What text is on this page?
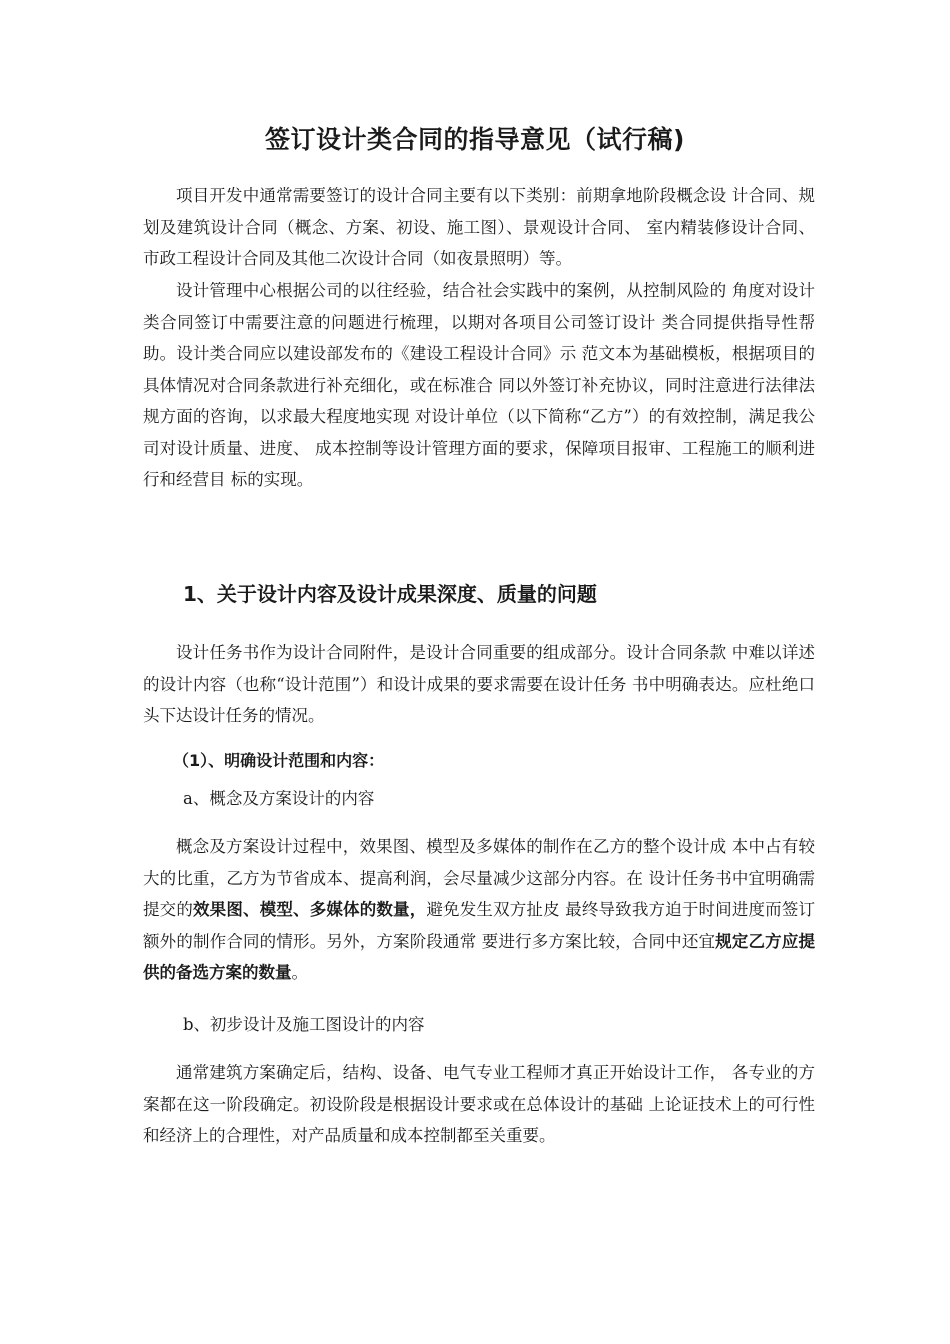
签订设计类合同的指导意见（试行稿)

项目开发中通常需要签订的设计合同主要有以下类别：前期拿地阶段概念设 计合同、规划及建筑设计合同（概念、方案、初设、施工图）、景观设计合同、 室内精装修设计合同、市政工程设计合同及其他二次设计合同（如夜景照明）等。

设计管理中心根据公司的以往经验，结合社会实践中的案例，从控制风险的 角度对设计类合同签订中需要注意的问题进行梳理，以期对各项目公司签订设计 类合同提供指导性帮助。设计类合同应以建设部发布的《建设工程设计合同》示 范文本为基础模板，根据项目的具体情况对合同条款进行补充细化，或在标准合 同以外签订补充协议，同时注意进行法律法规方面的咨询，以求最大程度地实现 对设计单位（以下简称“乙方”）的有效控制，满足我公司对设计质量、进度、 成本控制等设计管理方面的要求，保障项目报审、工程施工的顺利进行和经营目 标的实现。

1、关于设计内容及设计成果深度、质量的问题

设计任务书作为设计合同附件，是设计合同重要的组成部分。设计合同条款 中难以详述的设计内容（也称“设计范围”）和设计成果的要求需要在设计任务 书中明确表达。应杜绝口头下达设计任务的情况。

（1）、明确设计范围和内容：

a、概念及方案设计的内容

概念及方案设计过程中，效果图、模型及多媒体的制作在乙方的整个设计成 本中占有较大的比重，乙方为节省成本、提高利润，会尽量减少这部分内容。在 设计任务书中宜明确需提交的效果图、模型、多媒体的数量，避免发生双方扯皮 最终导致我方迫于时间进度而签订额外的制作合同的情形。另外，方案阶段通常 要进行多方案比较，合同中还宜规定乙方应提供的备选方案的数量。

b、初步设计及施工图设计的内容

通常建筑方案确定后，结构、设备、电气专业工程师才真正开始设计工作， 各专业的方案都在这一阶段确定。初设阶段是根据设计要求或在总体设计的基础 上论证技术上的可行性和经济上的合理性，对产品质量和成本控制都至关重要。
